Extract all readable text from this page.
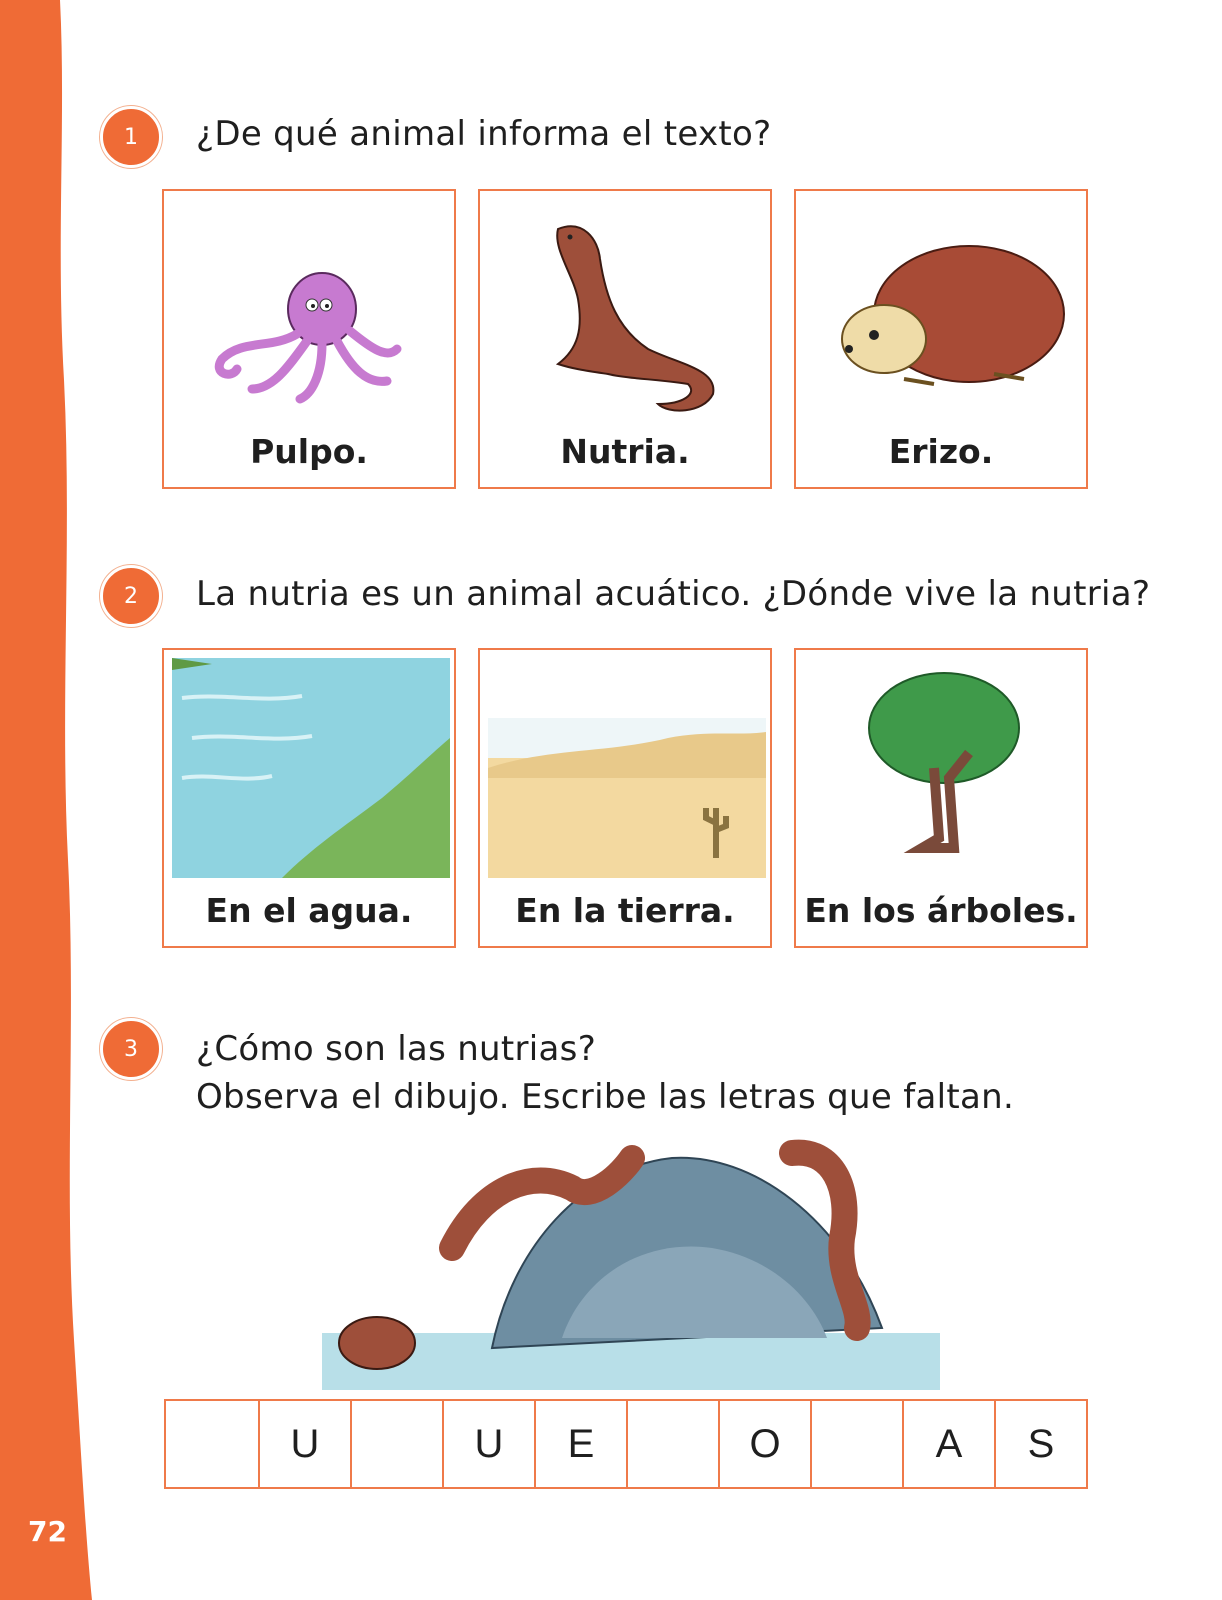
72
1	¿De qué animal informa el texto?
Pulpo.	Nutria.	Erizo.
2	La nutria es un animal acuático. ¿Dónde vive la nutria?
En el agua.	En la tierra.	En los árboles.
3	¿Cómo son las nutrias?
Observa el dibujo. Escribe las letras que faltan.
U	U	E	O	A	S
